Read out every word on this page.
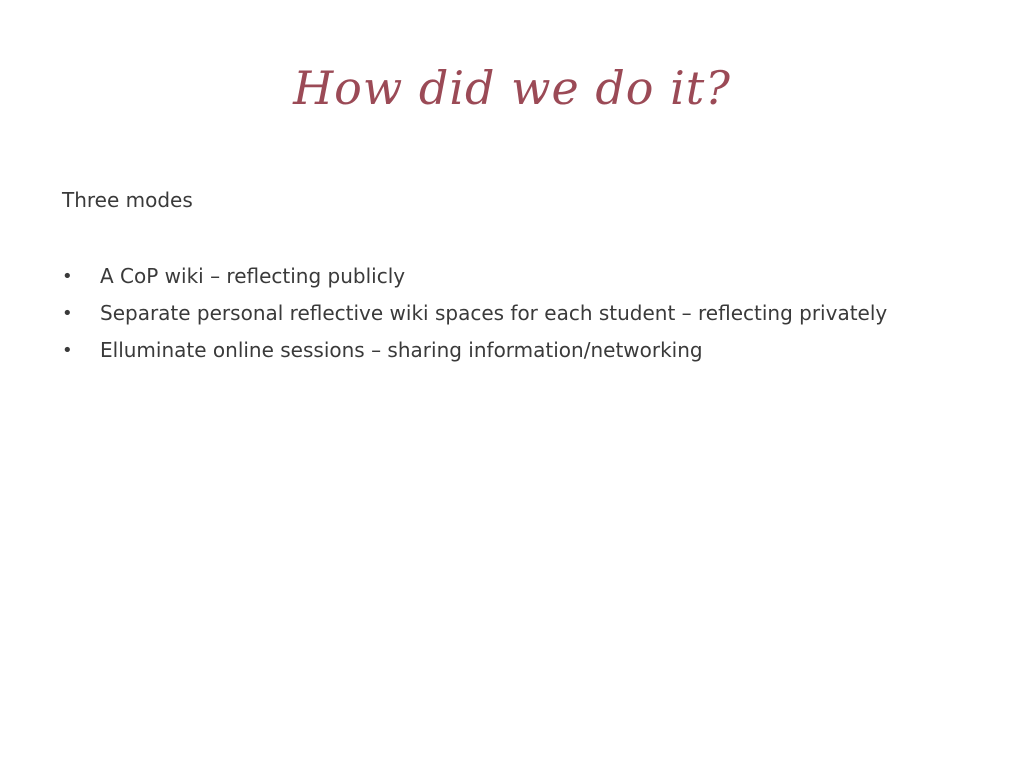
How did we do it?

Three modes

• A CoP wiki – reflecting publicly
• Separate personal reflective wiki spaces for each student – reflecting privately
• Elluminate online sessions – sharing information/networking
